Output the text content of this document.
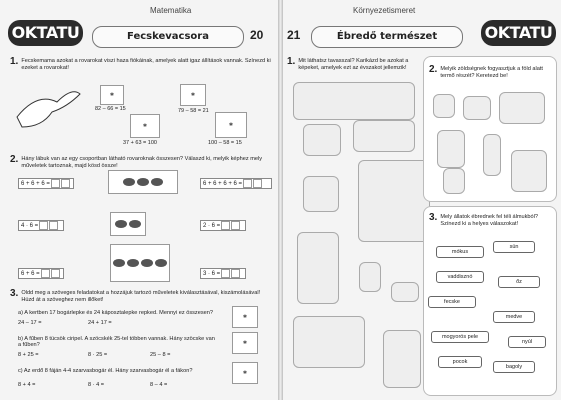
Matematika
OKTATU	Fecskevacsora	20
1. Fecskemama azokat a rovarokat viszi haza fiókáinak, amelyek alatt igaz állítások vannak. Színezd ki ezeket a rovarokat!
✱	✱
82 – 66 = 15	79 – 58 = 21
✱	✱
37 + 63 = 100	100 – 58 = 15
2. Hány lábuk van az egy csoportban látható rovaroknak összesen? Válaszd ki, melyik képhez mely műveletek tartoznak, majd kösd össze!
6 + 6 + 6 =
4 · 6 =
6 + 6 =
6 + 6 + 6 + 6 =
2 · 6 =
3 · 6 =
3. Oldd meg a szöveges feladatokat a hozzájuk tartozó műveletek kiválasztásával, kiszámolásával! Húzd át a szöveghez nem illőket!
a) A kertben 17 bogárlepke és 24 káposztalepke repked. Mennyi ez összesen?
24 – 17 =	24 + 17 =
✱
b) A fűben 8 tücsök ciripel. A szöcskék 25-tel többen vannak. Hány szöcske van a fűben?
8 + 25 =	8 · 25 =	25 – 8 =
✱
c) Az erdő 8 fáján 4-4 szarvasbogár él. Hány szarvasbogár él a fákon?
8 + 4 =	8 · 4 =	8 – 4 =
✱
Környezetismeret
OKTATU
Ébredő természet
21
1. Mit láthatsz tavasszal? Karikázd be azokat a képeket, amelyek ezt az évszakot jellemzik!	2. Melyik zöldségnek fogyasztjuk a föld alatt termő részét? Keretezd be!
3. Mely állatok ébrednek fel téli álmukból? Színezd ki a helyes válaszokat!
mókus
sün
vaddisznó
őz
fecske
medve
mogyorós pele
nyúl
pocok
bagoly
